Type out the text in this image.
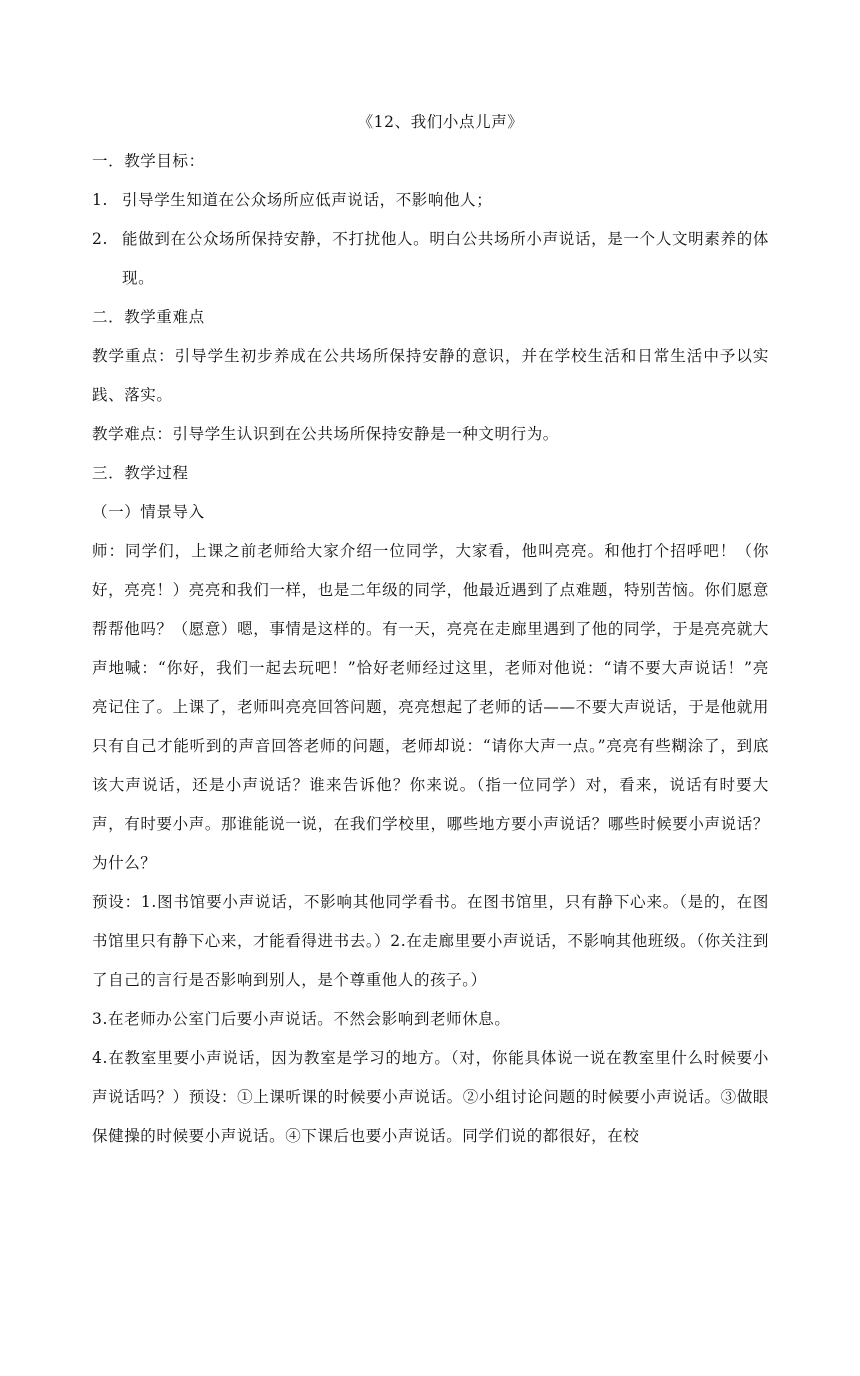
《12、我们小点儿声》

一．教学目标：

1. 引导学生知道在公众场所应低声说话，不影响他人；
2. 能做到在公众场所保持安静，不打扰他人。明白公共场所小声说话，是一个人文明素养的体现。

二．教学重难点

教学重点：引导学生初步养成在公共场所保持安静的意识，并在学校生活和日常生活中予以实践、落实。

教学难点：引导学生认识到在公共场所保持安静是一种文明行为。

三．教学过程

（一）情景导入

师：同学们，上课之前老师给大家介绍一位同学，大家看，他叫亮亮。和他打个招呼吧！（你好，亮亮！）亮亮和我们一样，也是二年级的同学，他最近遇到了点难题，特别苦恼。你们愿意帮帮他吗？（愿意）嗯，事情是这样的。有一天，亮亮在走廊里遇到了他的同学，于是亮亮就大声地喊：“你好，我们一起去玩吧！”恰好老师经过这里，老师对他说：“请不要大声说话！”亮亮记住了。上课了，老师叫亮亮回答问题，亮亮想起了老师的话——不要大声说话，于是他就用只有自己才能听到的声音回答老师的问题，老师却说：“请你大声一点。”亮亮有些糊涂了，到底该大声说话，还是小声说话？谁来告诉他？你来说。（指一位同学）对，看来，说话有时要大声，有时要小声。那谁能说一说，在我们学校里，哪些地方要小声说话？哪些时候要小声说话？为什么？

预设：1.图书馆要小声说话，不影响其他同学看书。在图书馆里，只有静下心来。（是的，在图书馆里只有静下心来，才能看得进书去。）2.在走廊里要小声说话，不影响其他班级。（你关注到了自己的言行是否影响到别人，是个尊重他人的孩子。）

3.在老师办公室门后要小声说话。不然会影响到老师休息。

4.在教室里要小声说话，因为教室是学习的地方。（对，你能具体说一说在教室里什么时候要小声说话吗？）预设：①上课听课的时候要小声说话。②小组讨论问题的时候要小声说话。③做眼保健操的时候要小声说话。④下课后也要小声说话。同学们说的都很好，在校
